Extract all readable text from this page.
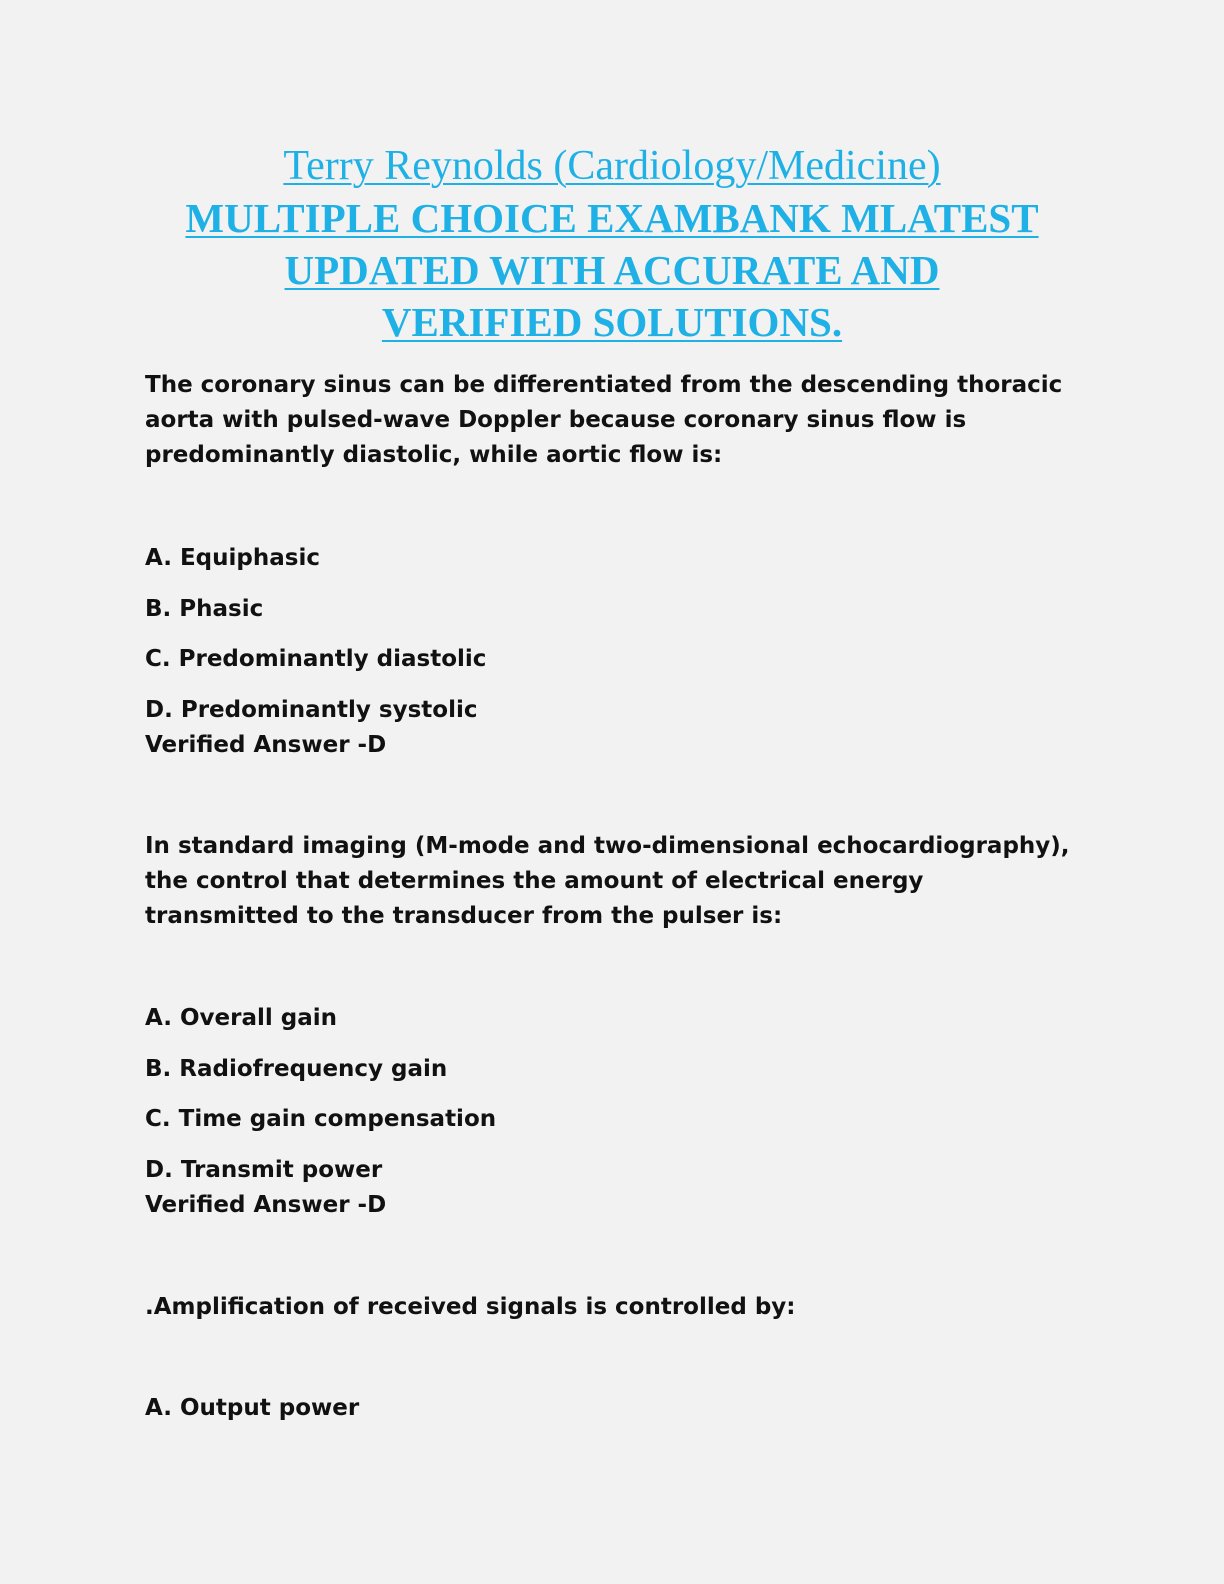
Terry Reynolds (Cardiology/Medicine)
MULTIPLE CHOICE EXAMBANK MLATEST
UPDATED WITH ACCURATE AND
VERIFIED SOLUTIONS.
The coronary sinus can be differentiated from the descending thoracic aorta with pulsed-wave Doppler because coronary sinus flow is predominantly diastolic, while aortic flow is:
A. Equiphasic
B. Phasic
C. Predominantly diastolic
D. Predominantly systolic
Verified Answer -D
In standard imaging (M-mode and two-dimensional echocardiography), the control that determines the amount of electrical energy transmitted to the transducer from the pulser is:
A. Overall gain
B. Radiofrequency gain
C. Time gain compensation
D. Transmit power
Verified Answer -D
.Amplification of received signals is controlled by:
A. Output power
